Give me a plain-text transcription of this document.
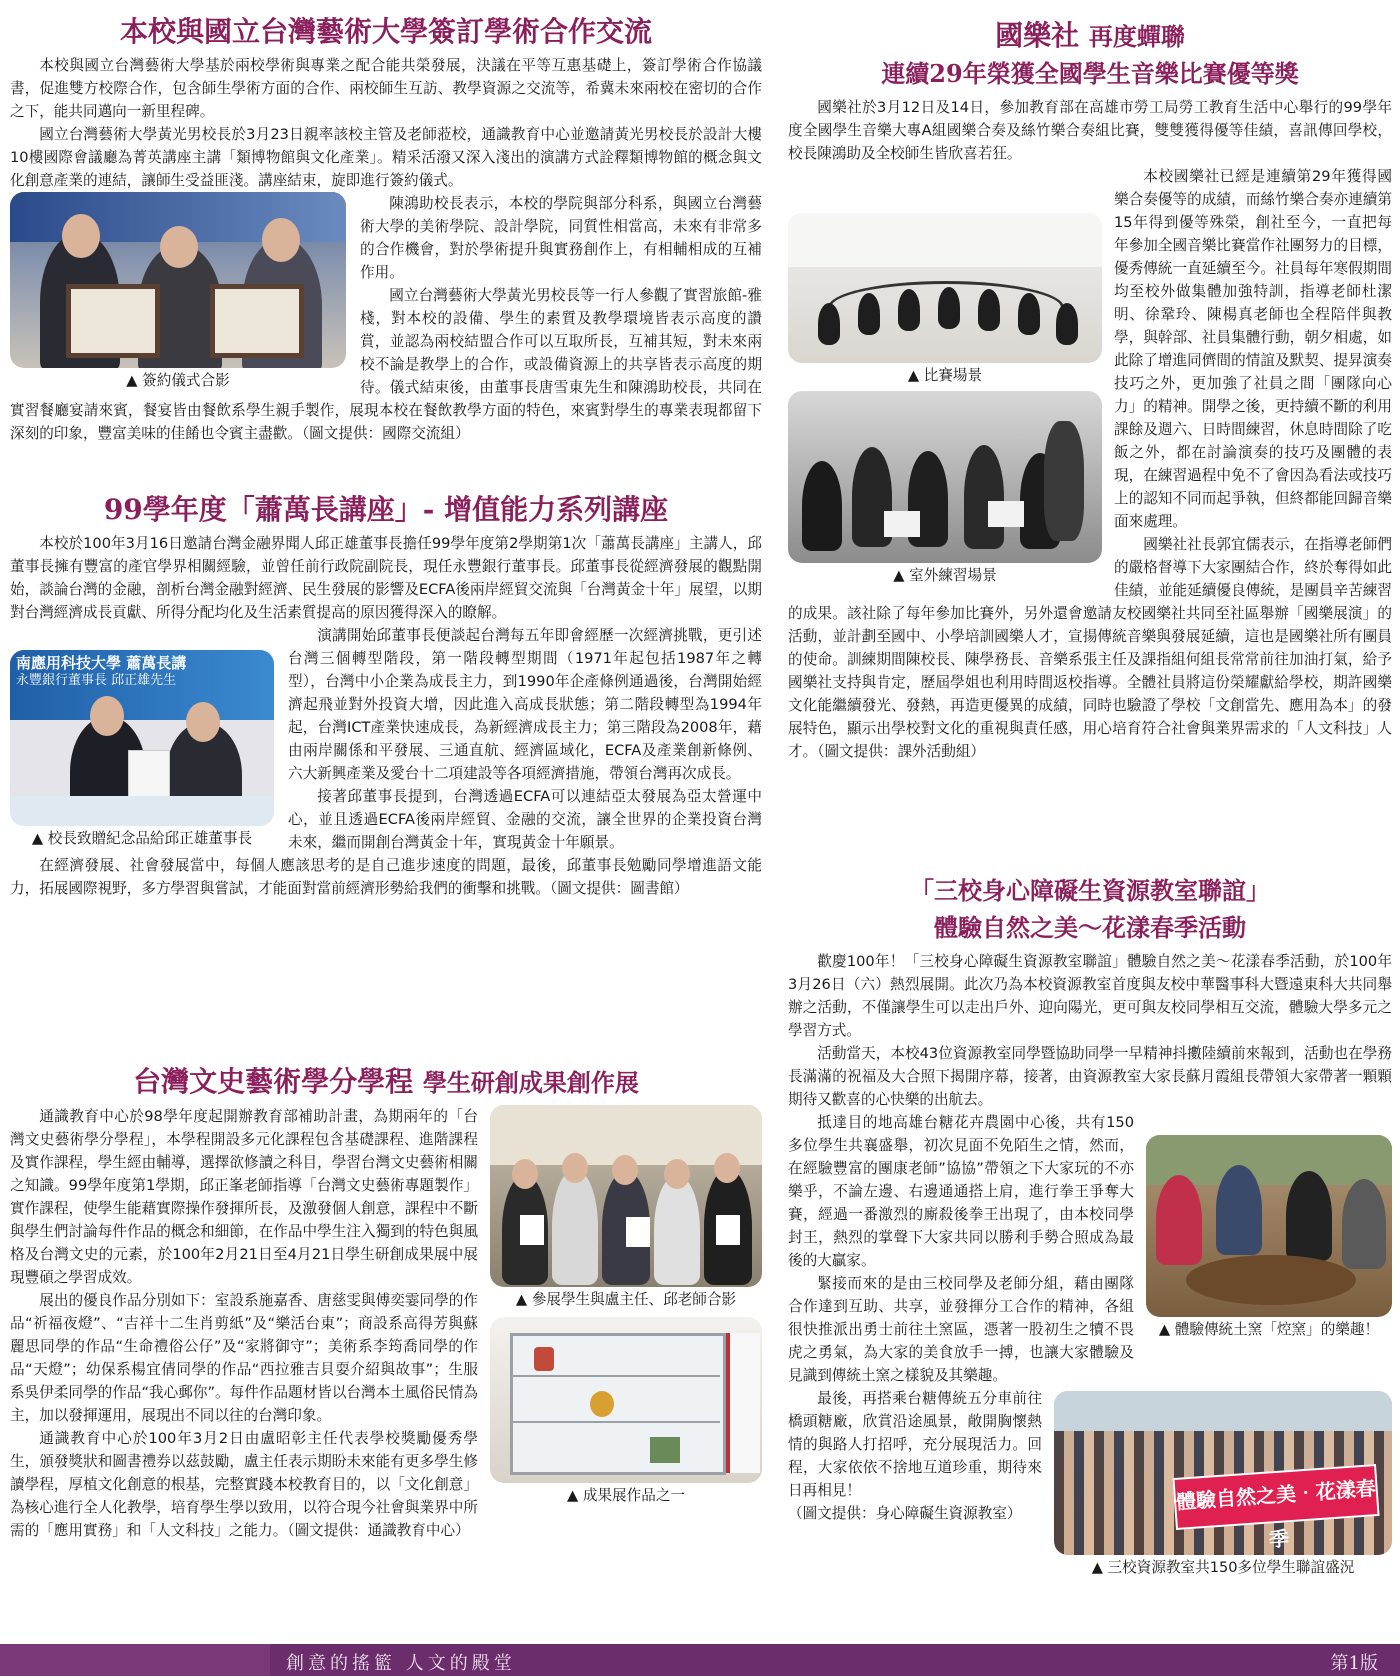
本校與國立台灣藝術大學簽訂學術合作交流

本校與國立台灣藝術大學基於兩校學術與專業之配合能共榮發展，決議在平等互惠基礎上，簽訂學術合作協議書，促進雙方校際合作，包含師生學術方面的合作、兩校師生互訪、教學資源之交流等，希冀未來兩校在密切的合作之下，能共同邁向一新里程碑。

國立台灣藝術大學黃光男校長於3月23日親率該校主管及老師蒞校，通識教育中心並邀請黃光男校長於設計大樓10樓國際會議廳為菁英講座主講「類博物館與文化產業」。精采活潑又深入淺出的演講方式詮釋類博物館的概念與文化創意產業的連結，讓師生受益匪淺。講座結束，旋即進行簽約儀式。

▲ 簽約儀式合影

陳鴻助校長表示，本校的學院與部分科系，與國立台灣藝術大學的美術學院、設計學院，同質性相當高，未來有非常多的合作機會，對於學術提升與實務創作上，有相輔相成的互補作用。

國立台灣藝術大學黃光男校長等一行人參觀了實習旅館-雅棧，對本校的設備、學生的素質及教學環境皆表示高度的讚賞，並認為兩校結盟合作可以互取所長，互補其短，對未來兩校不論是教學上的合作，或設備資源上的共享皆表示高度的期待。儀式結束後，由董事長唐雪東先生和陳鴻助校長，共同在實習餐廳宴請來賓，餐宴皆由餐飲系學生親手製作，展現本校在餐飲教學方面的特色，來賓對學生的專業表現都留下深刻的印象，豐富美味的佳餚也令賓主盡歡。（圖文提供：國際交流組）

99學年度「蕭萬長講座」- 增值能力系列講座

本校於100年3月16日邀請台灣金融界聞人邱正雄董事長擔任99學年度第2學期第1次「蕭萬長講座」主講人，邱董事長擁有豐富的產官學界相關經驗，並曾任前行政院副院長，現任永豐銀行董事長。邱董事長從經濟發展的觀點開始，談論台灣的金融，剖析台灣金融對經濟、民生發展的影響及ECFA後兩岸經貿交流與「台灣黃金十年」展望，以期對台灣經濟成長貢獻、所得分配均化及生活素質提高的原因獲得深入的瞭解。

南應用科技大學 蕭萬長講
永豐銀行董事長 邱正雄先生
▲ 校長致贈紀念品給邱正雄董事長

演講開始邱董事長便談起台灣每五年即會經歷一次經濟挑戰，更引述台灣三個轉型階段，第一階段轉型期間（1971年起包括1987年之轉型），台灣中小企業為成長主力，到1990年企產條例通過後，台灣開始經濟起飛並對外投資大增，因此進入高成長狀態；第二階段轉型為1994年起，台灣ICT產業快速成長，為新經濟成長主力；第三階段為2008年，藉由兩岸關係和平發展、三通直航、經濟區域化，ECFA及產業創新條例、六大新興產業及愛台十二項建設等各項經濟措施，帶領台灣再次成長。

接著邱董事長提到，台灣透過ECFA可以連結亞太發展為亞太營運中心，並且透過ECFA後兩岸經貿、金融的交流，讓全世界的企業投資台灣未來，繼而開創台灣黃金十年，實現黃金十年願景。

在經濟發展、社會發展當中，每個人應該思考的是自己進步速度的問題，最後，邱董事長勉勵同學增進語文能力，拓展國際視野，多方學習與嘗試，才能面對當前經濟形勢給我們的衝擊和挑戰。（圖文提供：圖書館）

台灣文史藝術學分學程 學生研創成果創作展
▲ 參展學生與盧主任、邱老師合影
▲ 成果展作品之一

通識教育中心於98學年度起開辦教育部補助計畫，為期兩年的「台灣文史藝術學分學程」，本學程開設多元化課程包含基礎課程、進階課程及實作課程，學生經由輔導，選擇欲修讀之科目，學習台灣文史藝術相關之知識。99學年度第1學期，邱正峯老師指導「台灣文史藝術專題製作」實作課程，使學生能藉實際操作發揮所長，及激發個人創意，課程中不斷與學生們討論每件作品的概念和細節，在作品中學生注入獨到的特色與風格及台灣文史的元素，於100年2月21日至4月21日學生研創成果展中展現豐碩之學習成效。

展出的優良作品分別如下：室設系施嘉香、唐慈雯與傅奕霎同學的作品“祈福夜燈”、“吉祥十二生肖剪紙”及“樂活台東”；商設系高得芳與蘇麗思同學的作品“生命禮俗公仔”及“家將御守”；美術系李筠喬同學的作品“天燈”；幼保系楊宜倩同學的作品“西拉雅吉貝耍介紹與故事”；生服系吳伊柔同學的作品“我心郵你”。每件作品題材皆以台灣本土風俗民情為主，加以發揮運用，展現出不同以往的台灣印象。

通識教育中心於100年3月2日由盧昭彰主任代表學校獎勵優秀學生，頒發獎狀和圖書禮券以茲鼓勵，盧主任表示期盼未來能有更多學生修讀學程，厚植文化創意的根基，完整實踐本校教育目的，以「文化創意」為核心進行全人化教學，培育學生學以致用，以符合現今社會與業界中所需的「應用實務」和「人文科技」之能力。（圖文提供：通識教育中心）

國樂社 再度蟬聯
連續29年榮獲全國學生音樂比賽優等獎

國樂社於3月12日及14日，參加教育部在高雄市勞工局勞工教育生活中心舉行的99學年度全國學生音樂大專A組國樂合奏及絲竹樂合奏組比賽，雙雙獲得優等佳績，喜訊傳回學校，校長陳鴻助及全校師生皆欣喜若狂。

▲ 比賽場景
▲ 室外練習場景

本校國樂社已經是連續第29年獲得國樂合奏優等的成績，而絲竹樂合奏亦連續第15年得到優等殊榮，創社至今，一直把每年參加全國音樂比賽當作社團努力的目標，優秀傳統一直延續至今。社員每年寒假期間均至校外做集體加強特訓，指導老師杜潔明、徐鞏玲、陳楊真老師也全程陪伴與教學，與幹部、社員集體行動，朝夕相處，如此除了增進同儕間的情誼及默契、提昇演奏技巧之外，更加強了社員之間「團隊向心力」的精神。開學之後，更持續不斷的利用課餘及週六、日時間練習，休息時間除了吃飯之外，都在討論演奏的技巧及團體的表現，在練習過程中免不了會因為看法或技巧上的認知不同而起爭執，但終都能回歸音樂面來處理。

國樂社社長郭宜儒表示，在指導老師們的嚴格督導下大家團結合作，終於奪得如此佳績，並能延續優良傳統，是團員辛苦練習的成果。該社除了每年參加比賽外，另外還會邀請友校國樂社共同至社區舉辦「國樂展演」的活動，並計劃至國中、小學培訓國樂人才，宣揚傳統音樂與發展延續，這也是國樂社所有團員的使命。訓練期間陳校長、陳學務長、音樂系張主任及課指組何組長常常前往加油打氣，給予國樂社支持與肯定，歷屆學姐也利用時間返校指導。全體社員將這份榮耀獻給學校，期許國樂文化能繼續發光、發熱，再造更優異的成績，同時也驗證了學校「文創當先、應用為本」的發展特色，顯示出學校對文化的重視與責任感，用心培育符合社會與業界需求的「人文科技」人才。（圖文提供：課外活動組）

「三校身心障礙生資源教室聯誼」
體驗自然之美～花漾春季活動

歡慶100年！「三校身心障礙生資源教室聯誼」體驗自然之美～花漾春季活動，於100年3月26日（六）熱烈展開。此次乃為本校資源教室首度與友校中華醫事科大暨遠東科大共同舉辦之活動，不僅讓學生可以走出戶外、迎向陽光，更可與友校同學相互交流，體驗大學多元之學習方式。

活動當天，本校43位資源教室同學暨協助同學一早精神抖擻陸續前來報到，活動也在學務長滿滿的祝福及大合照下揭開序幕，接著，由資源教室大家長蘇月霞組長帶領大家帶著一顆顆期待又歡喜的心快樂的出航去。

▲ 體驗傳統土窯「焢窯」的樂趣！

抵達目的地高雄台糖花卉農園中心後，共有150多位學生共襄盛舉，初次見面不免陌生之情，然而，在經驗豐富的團康老師”協協”帶領之下大家玩的不亦樂乎，不論左邊、右邊通通搭上肩，進行拳王爭奪大賽，經過一番激烈的廝殺後拳王出現了，由本校同學封王，熱烈的掌聲下大家共同以勝利手勢合照成為最後的大贏家。

緊接而來的是由三校同學及老師分組，藉由團隊合作達到互助、共享，並發揮分工合作的精神，各組很快推派出勇士前往土窯區，憑著一股初生之犢不畏虎之勇氣，為大家的美食放手一搏，也讓大家體驗及見識到傳統土窯之樣貌及其樂趣。

體驗自然之美‧花漾春季
▲ 三校資源教室共150多位學生聯誼盛況

最後，再搭乘台糖傳統五分車前往橋頭糖廠，欣賞沿途風景，敞開胸懷熱情的與路人打招呼，充分展現活力。回程，大家依依不捨地互道珍重，期待來日再相見！

（圖文提供：身心障礙生資源教室）
創意的搖籃 人文的殿堂	第1版
